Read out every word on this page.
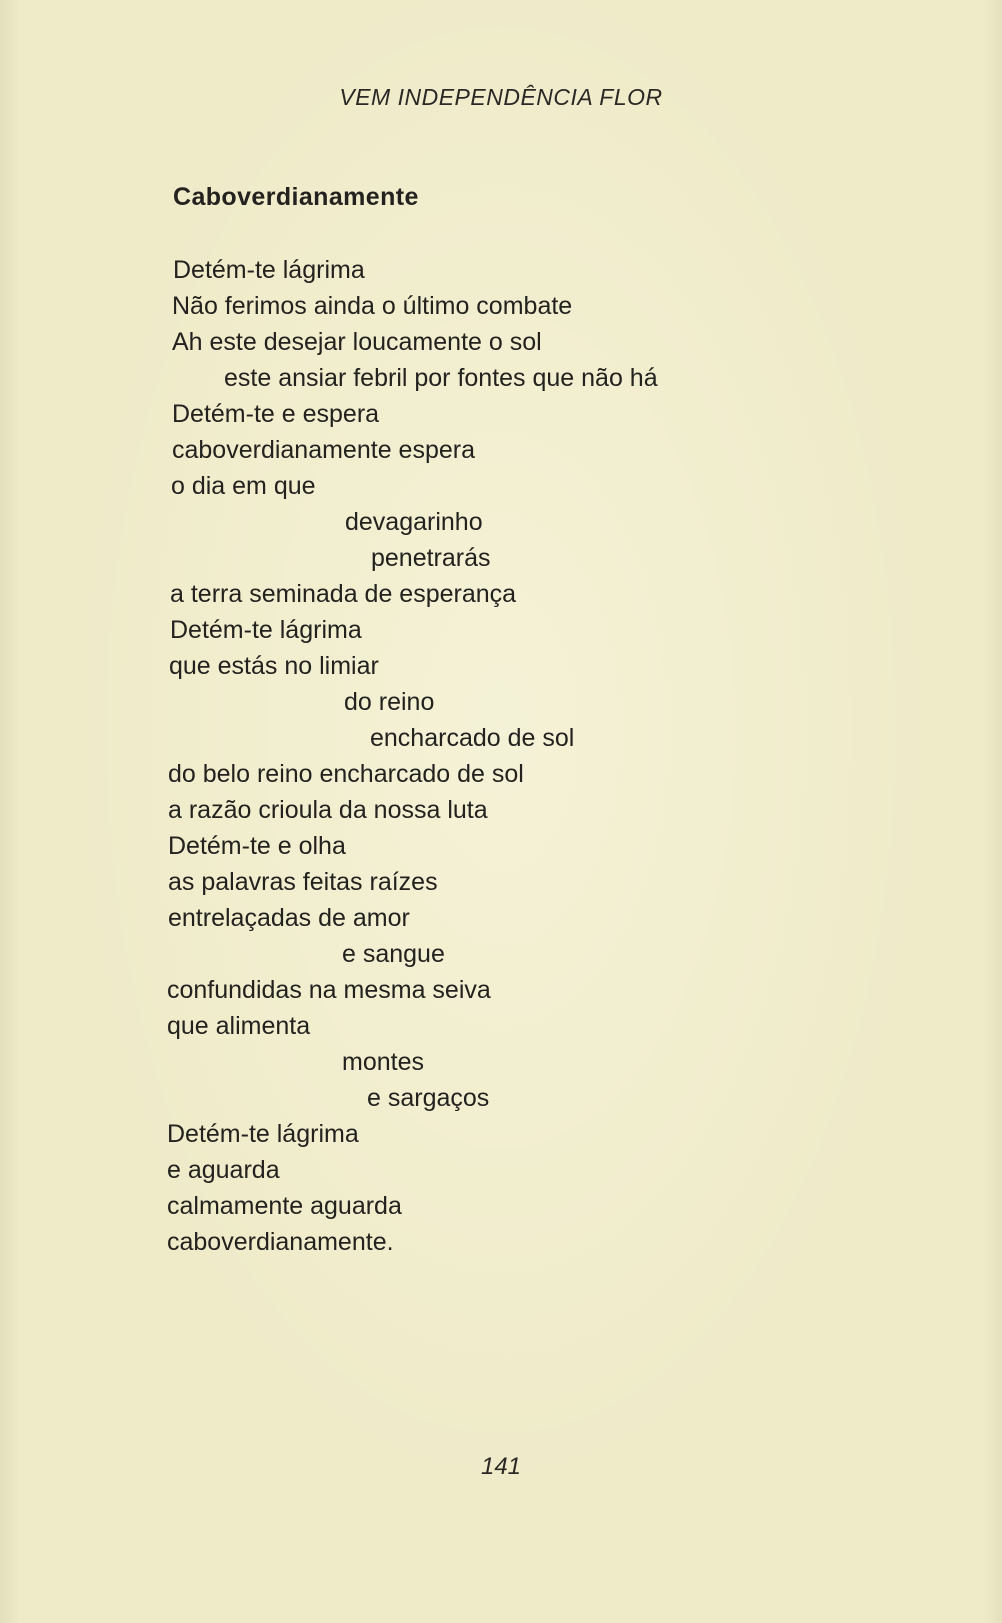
VEM INDEPENDÊNCIA FLOR
Caboverdianamente
Detém-te lágrima
Não ferimos ainda o último combate
Ah este desejar loucamente o sol
este ansiar febril por fontes que não há
Detém-te e espera
caboverdianamente espera
o dia em que
devagarinho
penetrarás
a terra seminada de esperança
Detém-te lágrima
que estás no limiar
do reino
encharcado de sol
do belo reino encharcado de sol
a razão crioula da nossa luta
Detém-te e olha
as palavras feitas raízes
entrelaçadas de amor
e sangue
confundidas na mesma seiva
que alimenta
montes
e sargaços
Detém-te lágrima
e aguarda
calmamente aguarda
caboverdianamente.
141
